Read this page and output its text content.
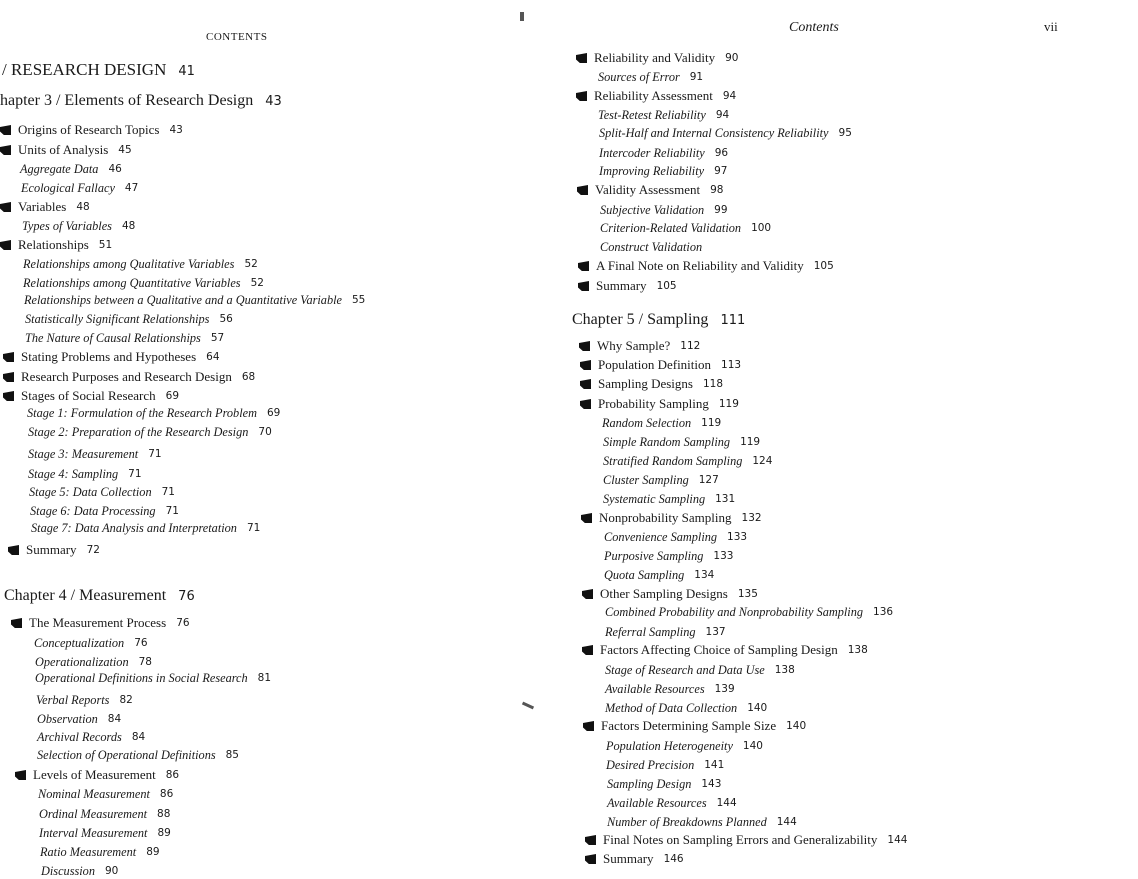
CONTENTS
/ RESEARCH DESIGN 41
hapter 3 / Elements of Research Design 43
Origins of Research Topics 43
Units of Analysis 45
Aggregate Data 46
Ecological Fallacy 47
Variables 48
Types of Variables 48
Relationships 51
Relationships among Qualitative Variables 52
Relationships among Quantitative Variables 52
Relationships between a Qualitative and a Quantitative Variable 55
Statistically Significant Relationships 56
The Nature of Causal Relationships 57
Stating Problems and Hypotheses 64
Research Purposes and Research Design 68
Stages of Social Research 69
Stage 1: Formulation of the Research Problem 69
Stage 2: Preparation of the Research Design 70
Stage 3: Measurement 71
Stage 4: Sampling 71
Stage 5: Data Collection 71
Stage 6: Data Processing 71
Stage 7: Data Analysis and Interpretation 71
Summary 72
Chapter 4 / Measurement 76
The Measurement Process 76
Conceptualization 76
Operationalization 78
Operational Definitions in Social Research 81
Verbal Reports 82
Observation 84
Archival Records 84
Selection of Operational Definitions 85
Levels of Measurement 86
Nominal Measurement 86
Ordinal Measurement 88
Interval Measurement 89
Ratio Measurement 89
Discussion 90
Contents	vii
Reliability and Validity 90
Sources of Error 91
Reliability Assessment 94
Test-Retest Reliability 94
Split-Half and Internal Consistency Reliability 95
Intercoder Reliability 96
Improving Reliability 97
Validity Assessment 98
Subjective Validation 99
Criterion-Related Validation 100
Construct Validation
A Final Note on Reliability and Validity 105
Summary 105
Chapter 5 / Sampling 111
Why Sample? 112
Population Definition 113
Sampling Designs 118
Probability Sampling 119
Random Selection 119
Simple Random Sampling 119
Stratified Random Sampling 124
Cluster Sampling 127
Systematic Sampling 131
Nonprobability Sampling 132
Convenience Sampling 133
Purposive Sampling 133
Quota Sampling 134
Other Sampling Designs 135
Combined Probability and Nonprobability Sampling 136
Referral Sampling 137
Factors Affecting Choice of Sampling Design 138
Stage of Research and Data Use 138
Available Resources 139
Method of Data Collection 140
Factors Determining Sample Size 140
Population Heterogeneity 140
Desired Precision 141
Sampling Design 143
Available Resources 144
Number of Breakdowns Planned 144
Final Notes on Sampling Errors and Generalizability 144
Summary 146
